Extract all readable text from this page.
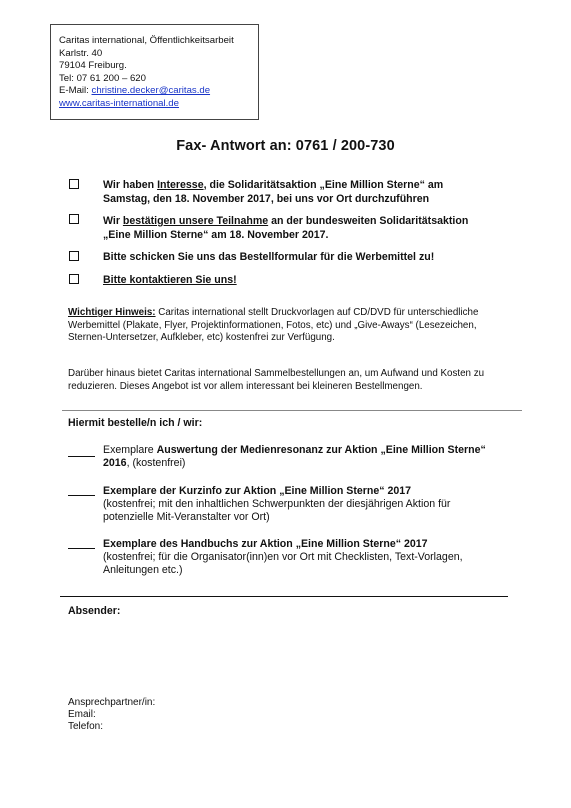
Caritas international, Öffentlichkeitsarbeit
Karlstr. 40
79104 Freiburg.
Tel: 07 61 200 – 620
E-Mail: christine.decker@caritas.de
www.caritas-international.de
Fax- Antwort an: 0761 / 200-730
Wir haben Interesse, die Solidaritätsaktion „Eine Million Sterne“ am
Samstag, den 18. November 2017, bei uns vor Ort durchzuführen
Wir bestätigen unsere Teilnahme an der bundesweiten Solidaritätsaktion
„Eine Million Sterne“ am 18. November 2017.
Bitte schicken Sie uns das Bestellformular für die Werbemittel zu!
Bitte kontaktieren Sie uns!
Wichtiger Hinweis: Caritas international stellt Druckvorlagen auf CD/DVD für unterschiedliche Werbemittel (Plakate, Flyer, Projektinformationen, Fotos, etc) und „Give-Aways“ (Lesezeichen, Sternen-Untersetzer, Aufkleber, etc) kostenfrei zur Verfügung.
Darüber hinaus bietet Caritas international Sammelbestellungen an, um Aufwand und Kosten zu reduzieren. Dieses Angebot ist vor allem interessant bei kleineren Bestellmengen.
Hiermit bestelle/n ich / wir:
Exemplare Auswertung der Medienresonanz zur Aktion „Eine Million Sterne“ 2016, (kostenfrei)
Exemplare der Kurzinfo zur Aktion „Eine Million Sterne“ 2017
(kostenfrei; mit den inhaltlichen Schwerpunkten der diesjährigen Aktion für potenzielle Mit-Veranstalter vor Ort)
Exemplare des Handbuchs zur Aktion „Eine Million Sterne“ 2017
(kostenfrei; für die Organisator(inn)en vor Ort mit Checklisten, Text-Vorlagen, Anleitungen etc.)
Absender:
Ansprechpartner/in:
Email:
Telefon:
